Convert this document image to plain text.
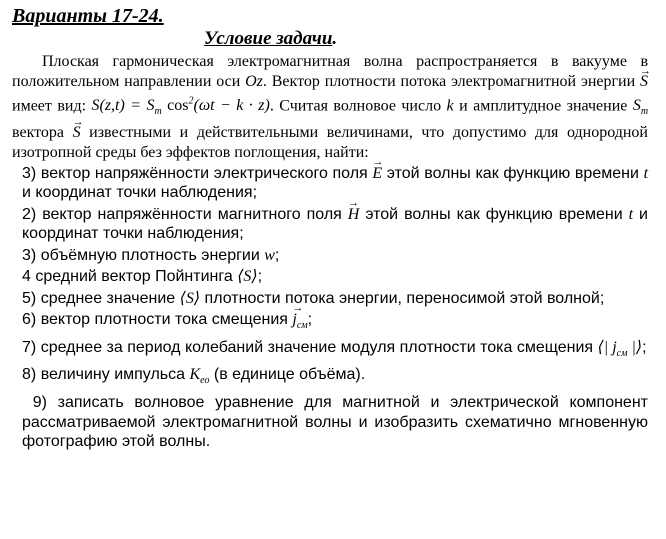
Варианты 17-24.
Условие задачи.
Плоская гармоническая электромагнитная волна распространяется в вакууме в положительном направлении оси Oz. Вектор плотности потока электромагнитной энергии → S имеет вид: $S(z,t) = S_m$ $\cos^2(\omega t - k \cdot z)$. Считая волновое число k и амплитудное значение $S_m$ вектора → S известными и действительными величинами, что допустимо для однородной изотропной среды без эффектов поглощения, найти:
3) вектор напряжённости электрического поля → E этой волны как функцию времени t и координат точки наблюдения;
2) вектор напряжённости магнитного поля → H этой волны как функцию времени t и координат точки наблюдения;
3) объёмную плотность энергии w;
4 средний вектор Пойнтинга ⟨S⟩;
5) среднее значение ⟨S⟩ плотности потока энергии, переносимой этой волной;
6) вектор плотности тока смещения → $j_{см}$;
7) среднее за период колебаний значение модуля плотности тока смещения ⟨| $j_{см}$ |⟩;
8) величину импульса $K_{ео}$ (в единице объёма).
9) записать волновое уравнение для магнитной и электрической компонент рассматриваемой электромагнитной волны и изобразить схематично мгновенную фотографию этой волны.
